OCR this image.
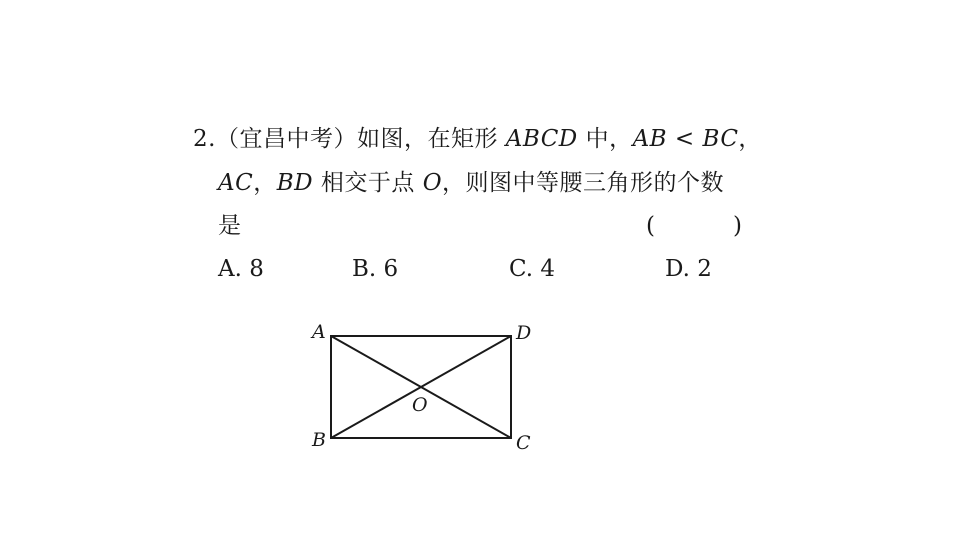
2.（宜昌中考）如图，在矩形 ABCD 中，AB < BC，
AC，BD 相交于点 O，则图中等腰三角形的个数
是	(	)
A. 8	B. 6	C. 4	D. 2
A	D
B	C
O
